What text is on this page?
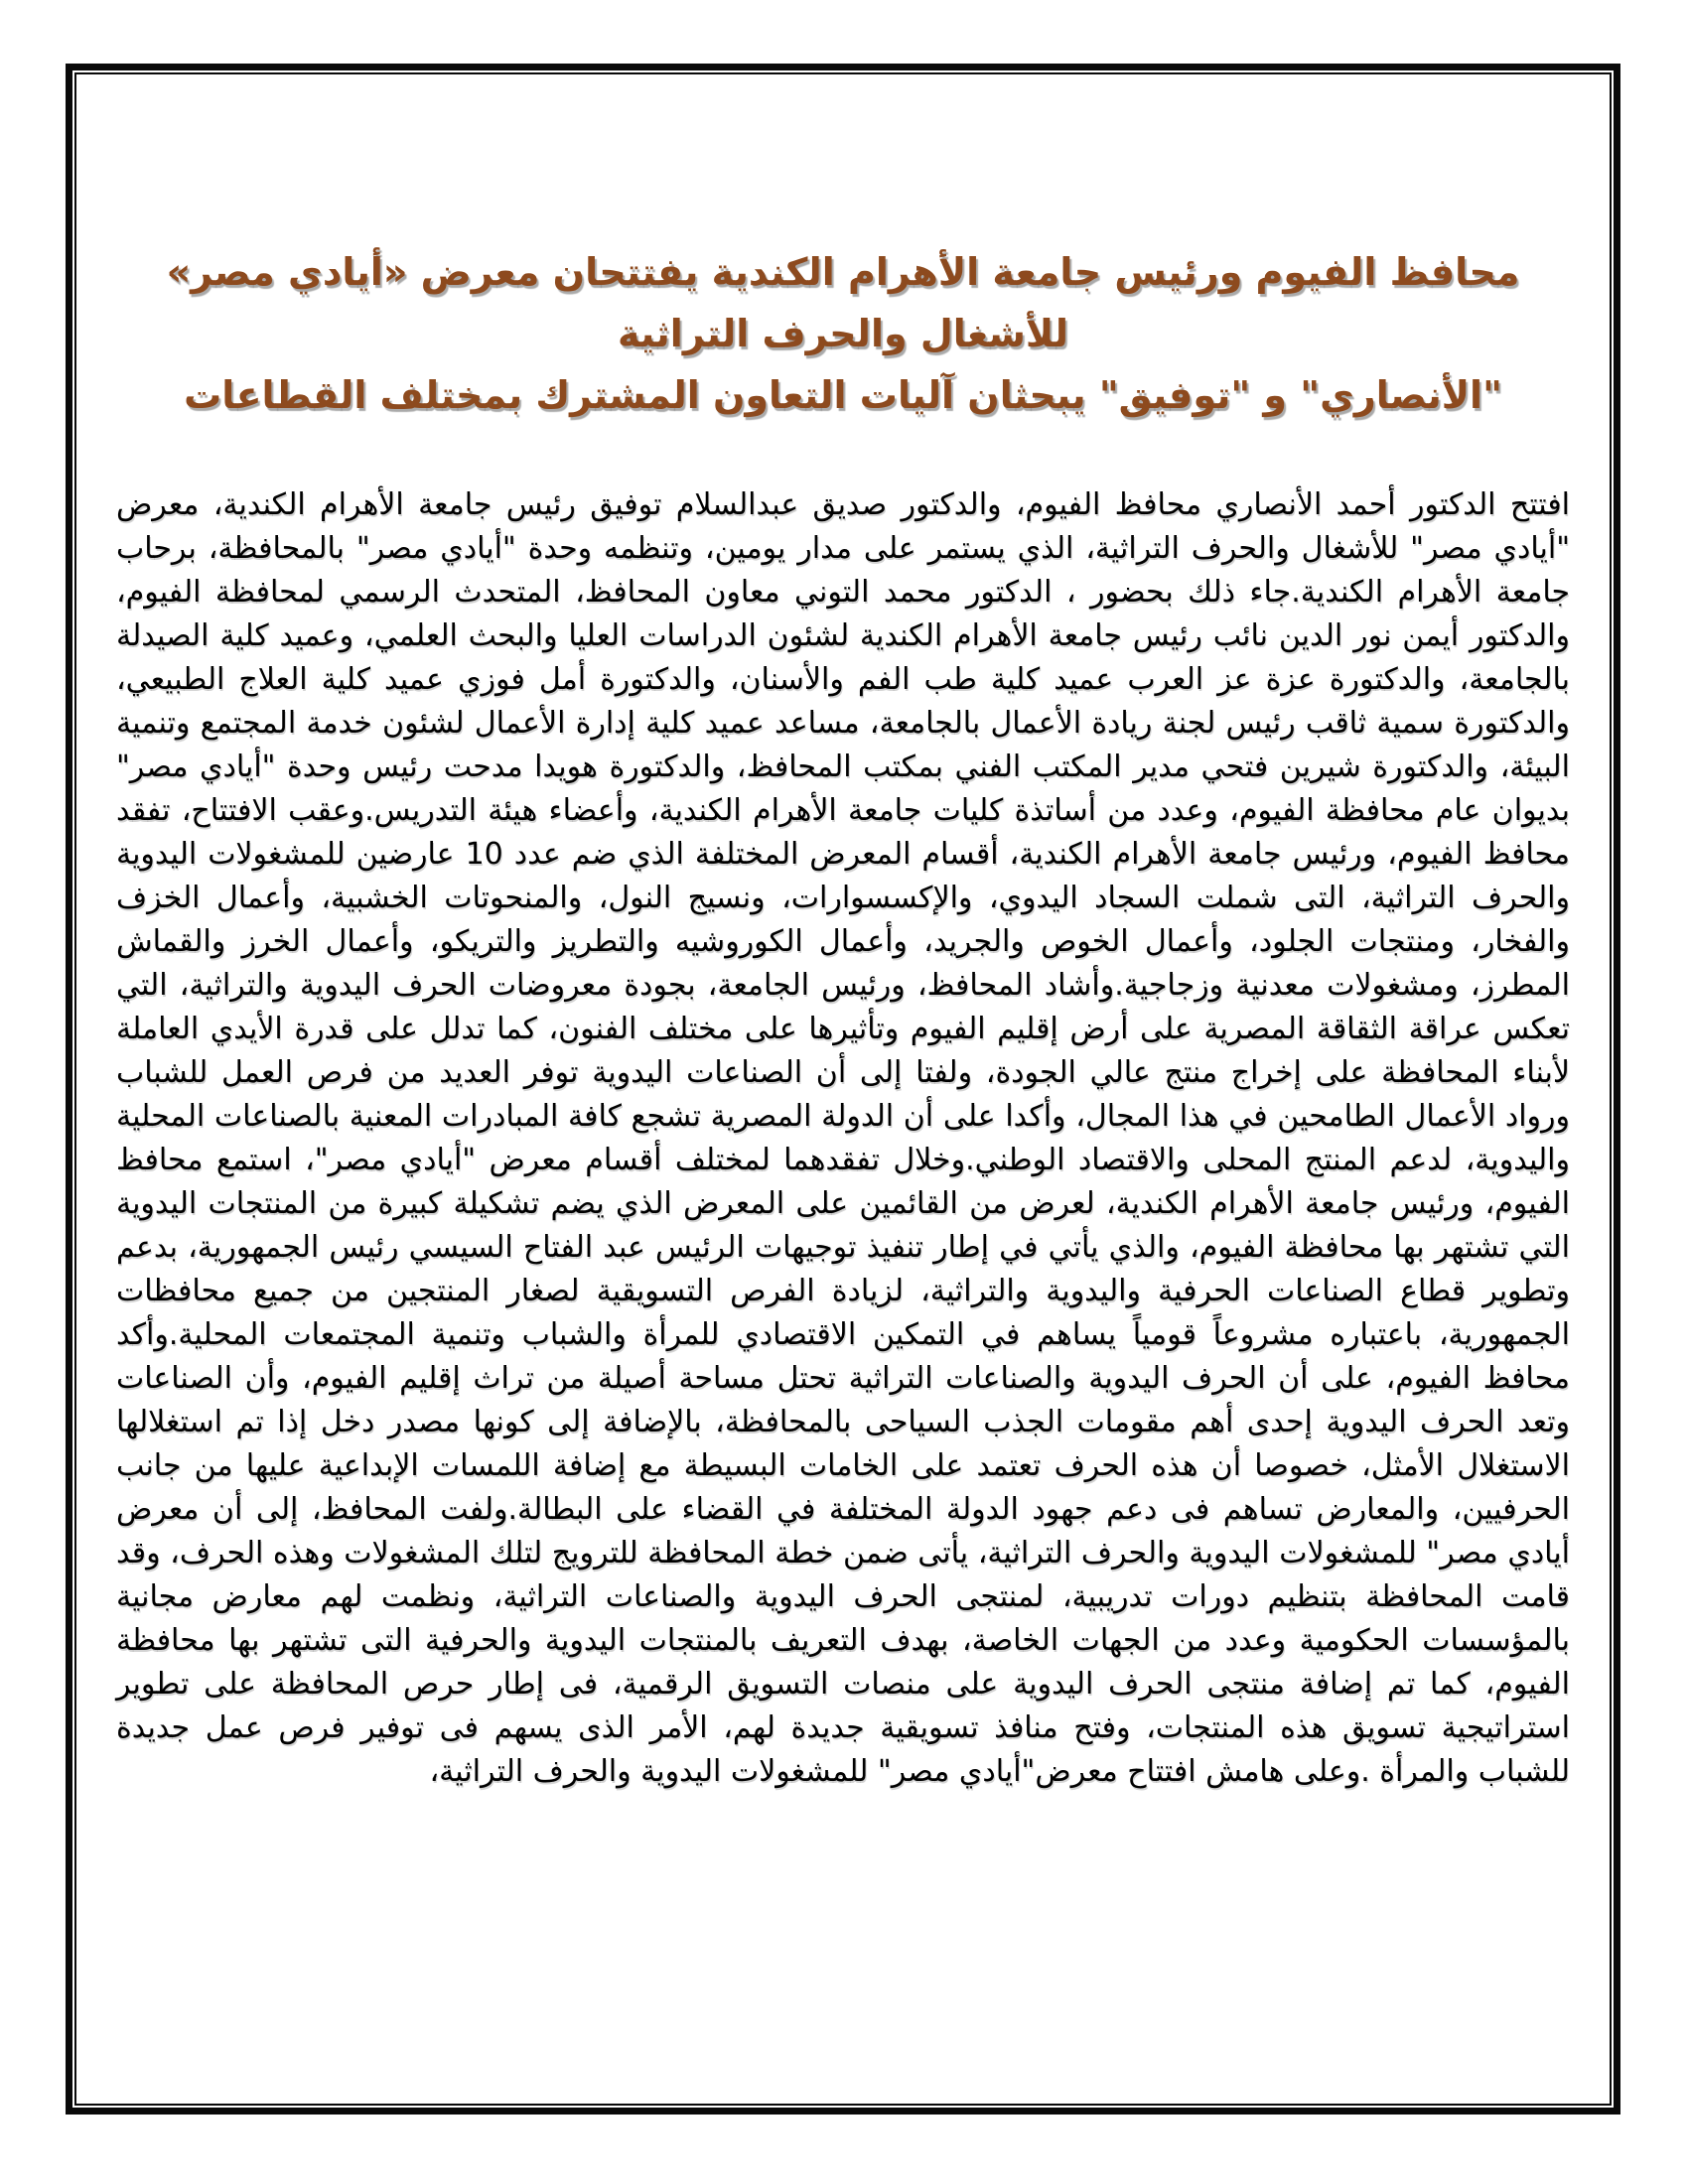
محافظ الفيوم ورئيس جامعة الأهرام الكندية يفتتحان معرض «أيادي مصر»
للأشغال والحرف التراثية
"الأنصاري" و "توفيق" يبحثان آليات التعاون المشترك بمختلف القطاعات

افتتح الدكتور أحمد الأنصاري محافظ الفيوم، والدكتور صديق عبدالسلام توفيق رئيس جامعة الأهرام الكندية، معرض "أيادي مصر" للأشغال والحرف التراثية، الذي يستمر على مدار يومين، وتنظمه وحدة "أيادي مصر" بالمحافظة، برحاب جامعة الأهرام الكندية.جاء ذلك بحضور ، الدكتور محمد التوني معاون المحافظ، المتحدث الرسمي لمحافظة الفيوم، والدكتور أيمن نور الدين نائب رئيس جامعة الأهرام الكندية لشئون الدراسات العليا والبحث العلمي، وعميد كلية الصيدلة بالجامعة، والدكتورة عزة عز العرب عميد كلية طب الفم والأسنان، والدكتورة أمل فوزي عميد كلية العلاج الطبيعي، والدكتورة سمية ثاقب رئيس لجنة ريادة الأعمال بالجامعة، مساعد عميد كلية إدارة الأعمال لشئون خدمة المجتمع وتنمية البيئة، والدكتورة شيرين فتحي مدير المكتب الفني بمكتب المحافظ، والدكتورة هويدا مدحت رئيس وحدة "أيادي مصر" بديوان عام محافظة الفيوم، وعدد من أساتذة كليات جامعة الأهرام الكندية، وأعضاء هيئة التدريس.وعقب الافتتاح، تفقد محافظ الفيوم، ورئيس جامعة الأهرام الكندية، أقسام المعرض المختلفة الذي ضم عدد 10 عارضين للمشغولات اليدوية والحرف التراثية، التى شملت السجاد اليدوي، والإكسسوارات، ونسيج النول، والمنحوتات الخشبية، وأعمال الخزف والفخار، ومنتجات الجلود، وأعمال الخوص والجريد، وأعمال الكوروشيه والتطريز والتريكو، وأعمال الخرز والقماش المطرز، ومشغولات معدنية وزجاجية.وأشاد المحافظ، ورئيس الجامعة، بجودة معروضات الحرف اليدوية والتراثية، التي تعكس عراقة الثقاقة المصرية على أرض إقليم الفيوم وتأثيرها على مختلف الفنون، كما تدلل على قدرة الأيدي العاملة لأبناء المحافظة على إخراج منتج عالي الجودة، ولفتا إلى أن الصناعات اليدوية توفر العديد من فرص العمل للشباب ورواد الأعمال الطامحين في هذا المجال، وأكدا على أن الدولة المصرية تشجع كافة المبادرات المعنية بالصناعات المحلية واليدوية، لدعم المنتج المحلى والاقتصاد الوطني.وخلال تفقدهما لمختلف أقسام معرض "أيادي مصر"، استمع محافظ الفيوم، ورئيس جامعة الأهرام الكندية، لعرض من القائمين على المعرض الذي يضم تشكيلة كبيرة من المنتجات اليدوية التي تشتهر بها محافظة الفيوم، والذي يأتي في إطار تنفيذ توجيهات الرئيس عبد الفتاح السيسي رئيس الجمهورية، بدعم وتطوير قطاع الصناعات الحرفية واليدوية والتراثية، لزيادة الفرص التسويقية لصغار المنتجين من جميع محافظات الجمهورية، باعتباره مشروعاً قومياً يساهم في التمكين الاقتصادي للمرأة والشباب وتنمية المجتمعات المحلية.وأكد محافظ الفيوم، على أن الحرف اليدوية والصناعات التراثية تحتل مساحة أصيلة من تراث إقليم الفيوم، وأن الصناعات وتعد الحرف اليدوية إحدى أهم مقومات الجذب السياحى بالمحافظة، بالإضافة إلى كونها مصدر دخل إذا تم استغلالها الاستغلال الأمثل، خصوصا أن هذه الحرف تعتمد على الخامات البسيطة مع إضافة اللمسات الإبداعية عليها من جانب الحرفيين، والمعارض تساهم فى دعم جهود الدولة المختلفة في القضاء على البطالة.ولفت المحافظ، إلى أن معرض أيادي مصر" للمشغولات اليدوية والحرف التراثية، يأتى ضمن خطة المحافظة للترويج لتلك المشغولات وهذه الحرف، وقد قامت المحافظة بتنظيم دورات تدريبية، لمنتجى الحرف اليدوية والصناعات التراثية، ونظمت لهم معارض مجانية بالمؤسسات الحكومية وعدد من الجهات الخاصة، بهدف التعريف بالمنتجات اليدوية والحرفية التى تشتهر بها محافظة الفيوم، كما تم إضافة منتجى الحرف اليدوية على منصات التسويق الرقمية، فى إطار حرص المحافظة على تطوير استراتيجية تسويق هذه المنتجات، وفتح منافذ تسويقية جديدة لهم، الأمر الذى يسهم فى توفير فرص عمل جديدة للشباب والمرأة .وعلى هامش افتتاح معرض"أيادي مصر" للمشغولات اليدوية والحرف التراثية،
